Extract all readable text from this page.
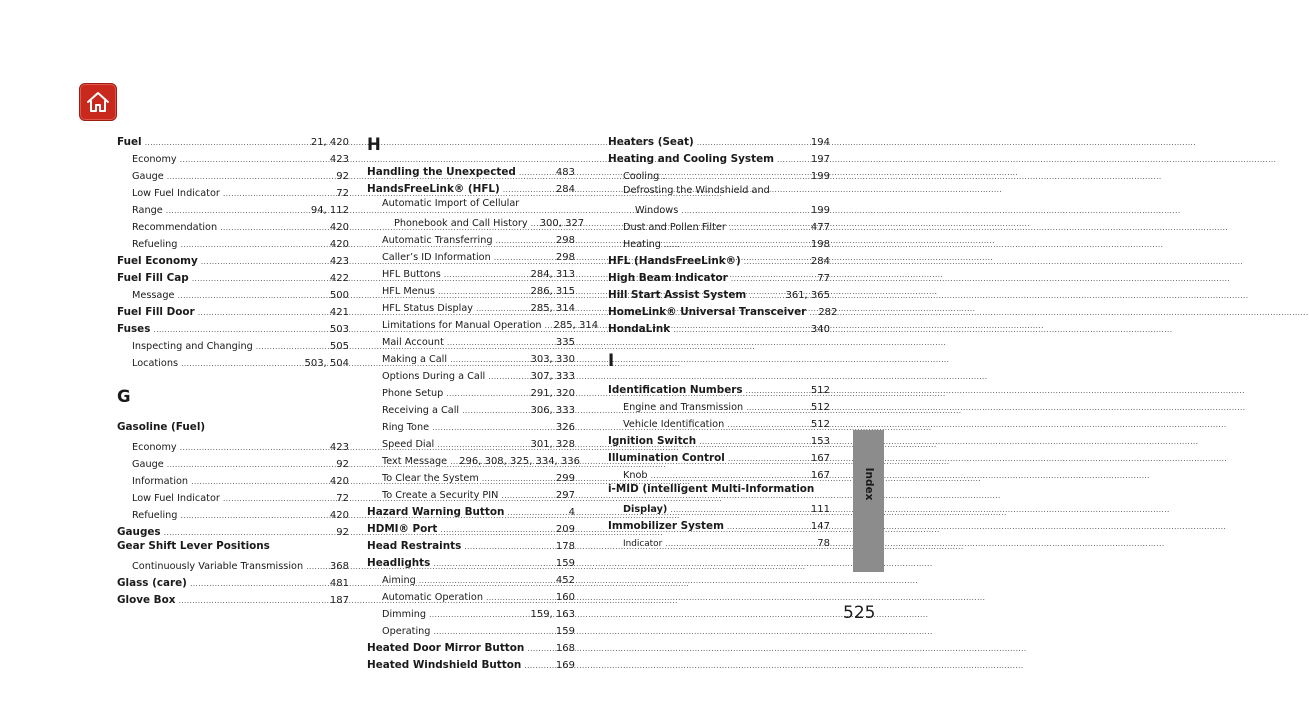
Fuel .....	21, 420
Economy .....	423
Gauge .....	92
Low Fuel Indicator .....	72
Range .....	94, 112
Recommendation .....	420
Refueling .....	420
Fuel Economy .....	423
Fuel Fill Cap .....	422
Message .....	500
Fuel Fill Door .....	421
Fuses .....	503
Inspecting and Changing .....	505
Locations .....	503, 504
G
Gasoline (Fuel)
Economy .....	423
Gauge .....	92
Information .....	420
Low Fuel Indicator .....	72
Refueling .....	420
Gauges .....	92
Gear Shift Lever Positions
Continuously Variable Transmission .....	368
Glass (care) .....	481
Glove Box .....	187
H
Handling the Unexpected .....	483
HandsFreeLink® (HFL) .....	284
Automatic Import of Cellular
Phonebook and Call History ..... 300, 327
Automatic Transferring .....	298
Caller’s ID Information .....	298
HFL Buttons .....	284, 313
HFL Menus .....	286, 315
HFL Status Display .....	285, 314
Limitations for Manual Operation ..... 285, 314
Mail Account .....	335
Making a Call .....	303, 330
Options During a Call .....	307, 333
Phone Setup .....	291, 320
Receiving a Call .....	306, 333
Ring Tone .....	326
Speed Dial .....	301, 328
Text Message ..... 296, 308, 325, 334, 336
To Clear the System .....	299
To Create a Security PIN .....	297
Hazard Warning Button .....	4
HDMI® Port .....	209
Head Restraints .....	178
Headlights .....	159
Aiming .....	452
Automatic Operation .....	160
Dimming .....	159, 163
Operating .....	159
Heated Door Mirror Button .....	168
Heated Windshield Button .....	169
Heaters (Seat) .....	194
Heating and Cooling System .....	197
Cooling .....	199
Defrosting the Windshield and
Windows .....	199
Dust and Pollen Filter .....	477
Heating .....	198
HFL (HandsFreeLink®) .....	284
High Beam Indicator .....	77
Hill Start Assist System .....	361, 365
HomeLink® Universal Transceiver ..... 282
HondaLink .....	340
I
Identification Numbers .....	512
Engine and Transmission .....	512
Vehicle Identification .....	512
Ignition Switch .....	153
Illumination Control .....	167
Knob .....	167
i-MID (intelligent Multi-Information
Display) .....	111
Immobilizer System .....	147
Indicator .....	78
Index
525
